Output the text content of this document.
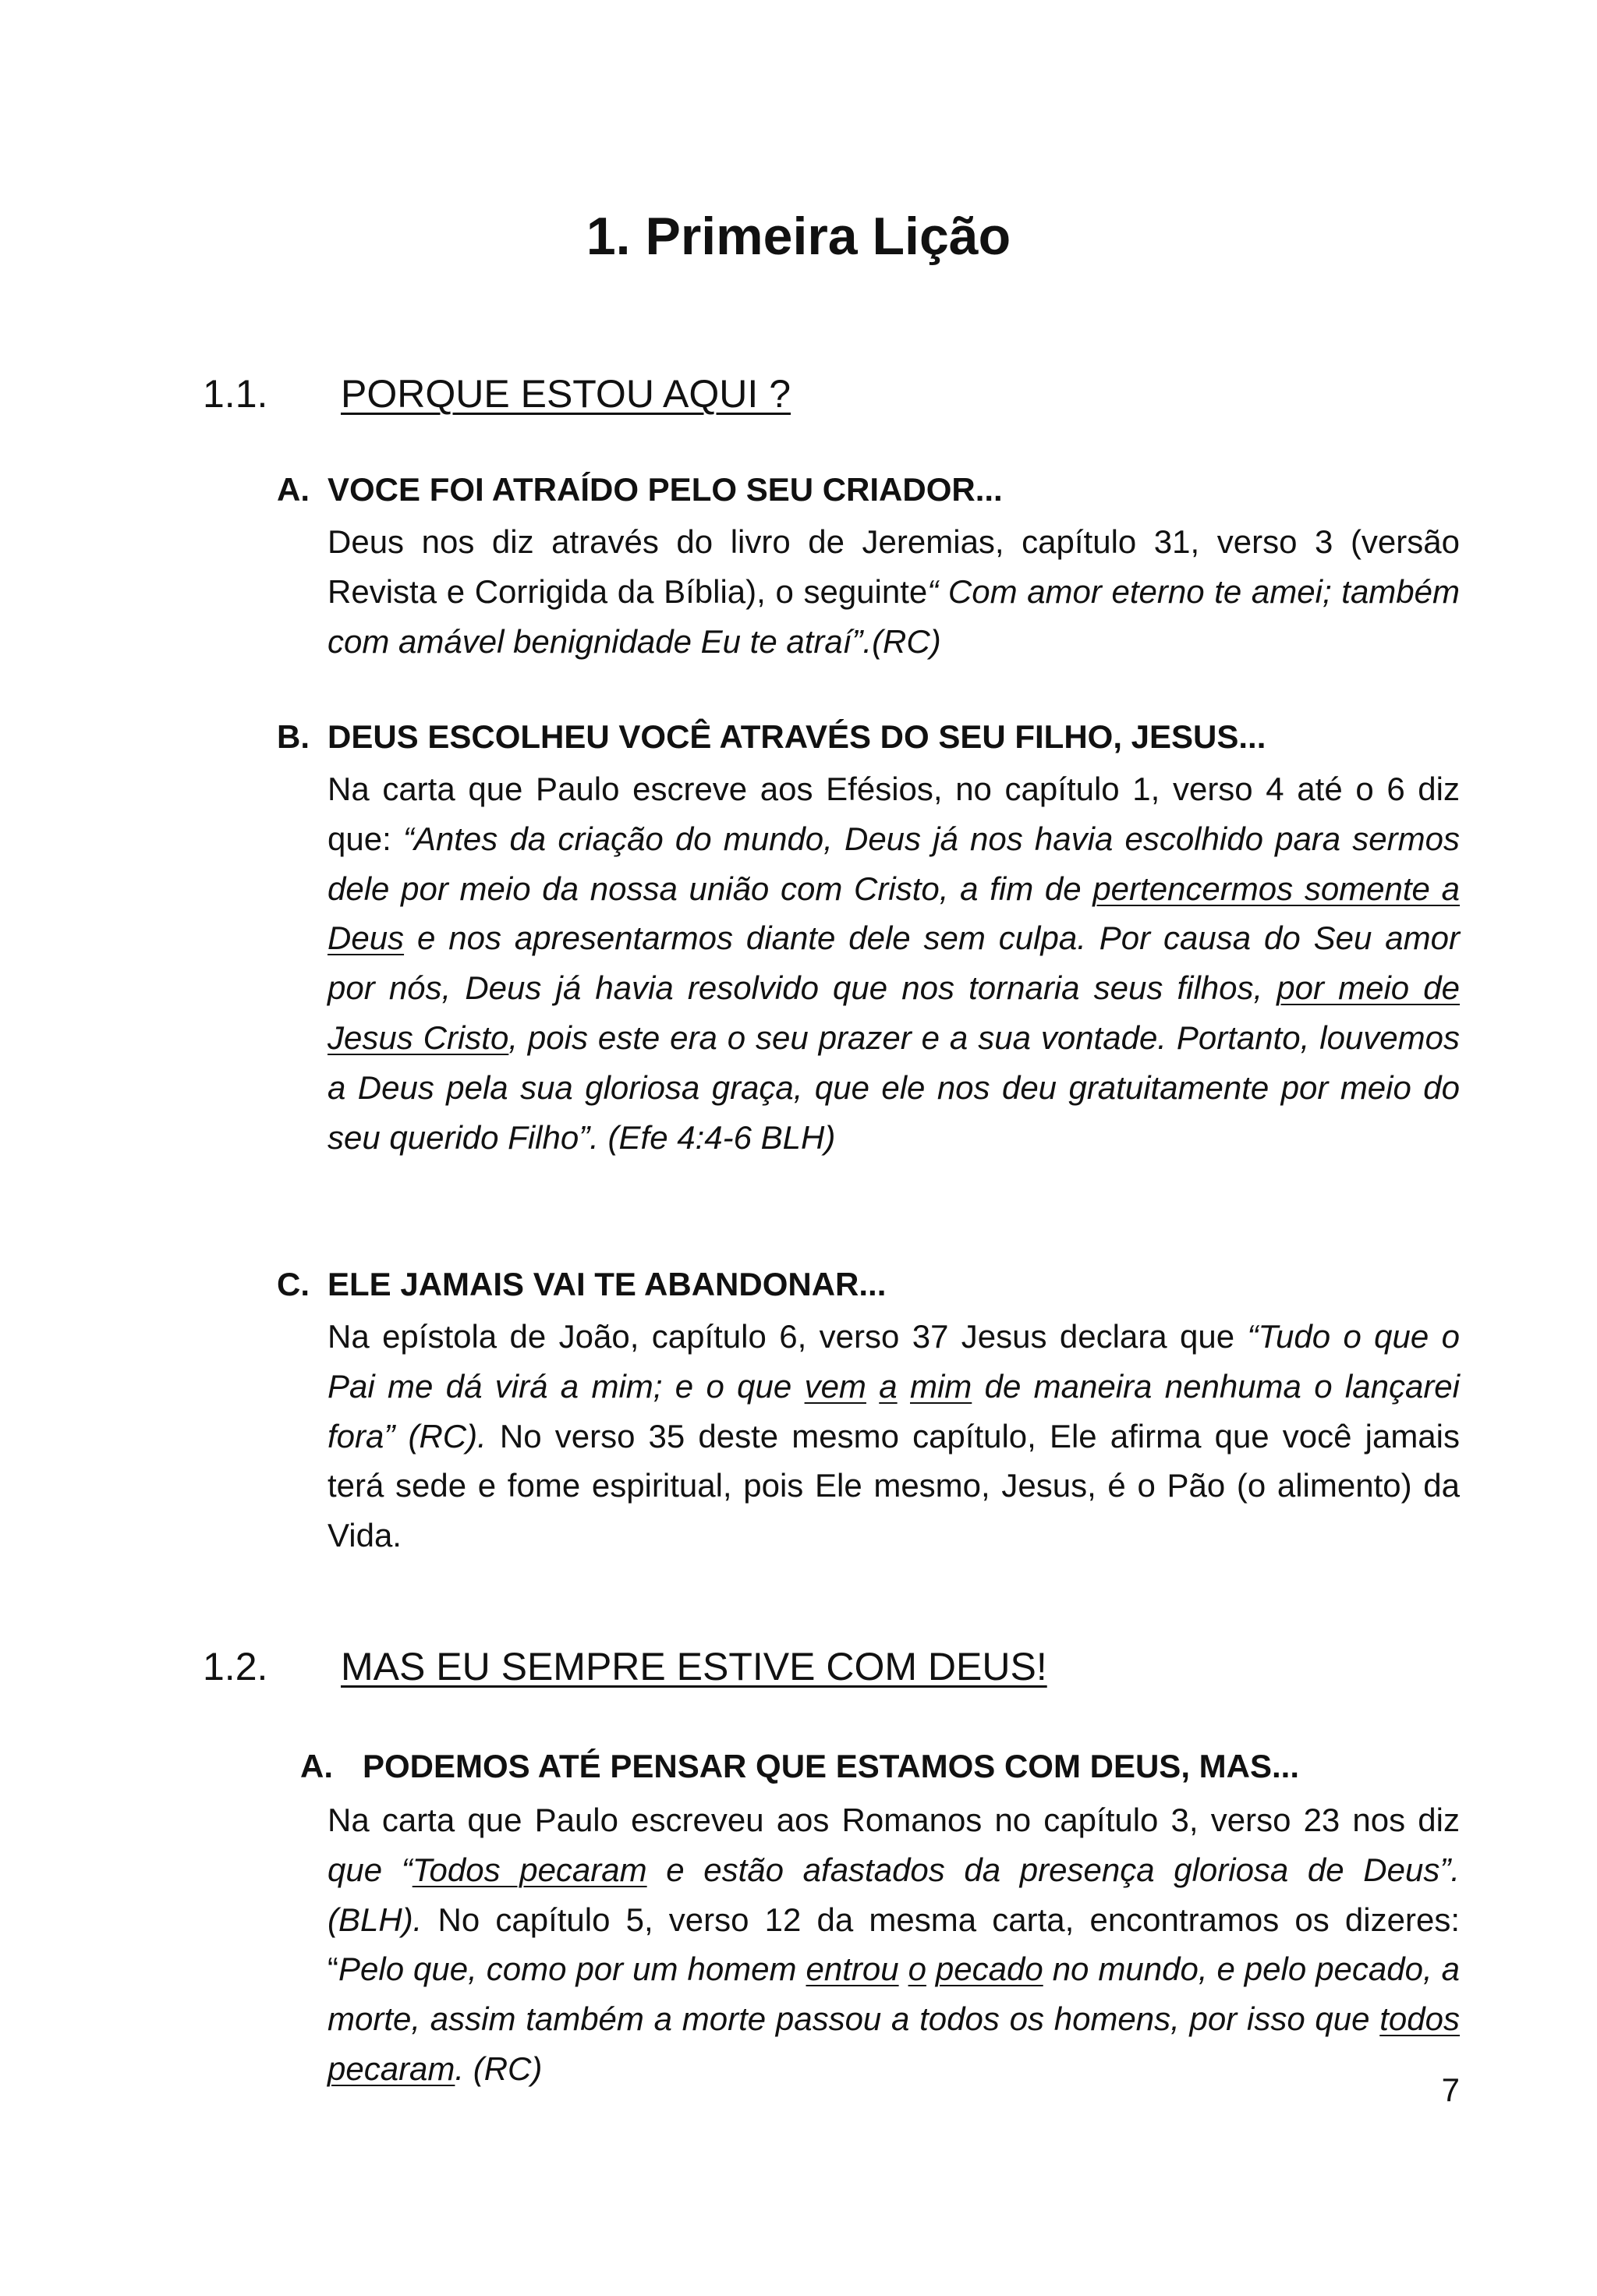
1. Primeira Lição
1.1. PORQUE ESTOU AQUI ?
A. VOCE FOI ATRAÍDO PELO SEU CRIADOR...
Deus nos diz através do livro de Jeremias, capítulo 31, verso 3 (versão Revista e Corrigida da Bíblia), o seguinte“ Com amor eterno te amei; também com amável benignidade Eu te atraí”.(RC)
B. DEUS ESCOLHEU VOCÊ ATRAVÉS DO SEU FILHO, JESUS...
Na carta que Paulo escreve aos Efésios, no capítulo 1, verso 4 até o 6 diz que: “Antes da criação do mundo, Deus já nos havia escolhido para sermos dele por meio da nossa união com Cristo, a fim de pertencermos somente a Deus e nos apresentarmos diante dele sem culpa. Por causa do Seu amor por nós, Deus já havia resolvido que nos tornaria seus filhos, por meio de Jesus Cristo, pois este era o seu prazer e a sua vontade. Portanto, louvemos a Deus pela sua gloriosa graça, que ele nos deu gratuitamente por meio do seu querido Filho”. (Efe 4:4-6 BLH)
C. ELE JAMAIS VAI TE ABANDONAR...
Na epístola de João, capítulo 6, verso 37 Jesus declara que “Tudo o que o Pai me dá virá a mim; e o que vem a mim de maneira nenhuma o lançarei fora” (RC). No verso 35 deste mesmo capítulo, Ele afirma que você jamais terá sede e fome espiritual, pois Ele mesmo, Jesus, é o Pão (o alimento) da Vida.
1.2. MAS EU SEMPRE ESTIVE COM DEUS!
A. PODEMOS ATÉ PENSAR QUE ESTAMOS COM DEUS, MAS...
Na carta que Paulo escreveu aos Romanos no capítulo 3, verso 23 nos diz que “Todos pecaram e estão afastados da presença gloriosa de Deus”. (BLH). No capítulo 5, verso 12 da mesma carta, encontramos os dizeres: “Pelo que, como por um homem entrou o pecado no mundo, e pelo pecado, a morte, assim também a morte passou a todos os homens, por isso que todos pecaram. (RC)
7
